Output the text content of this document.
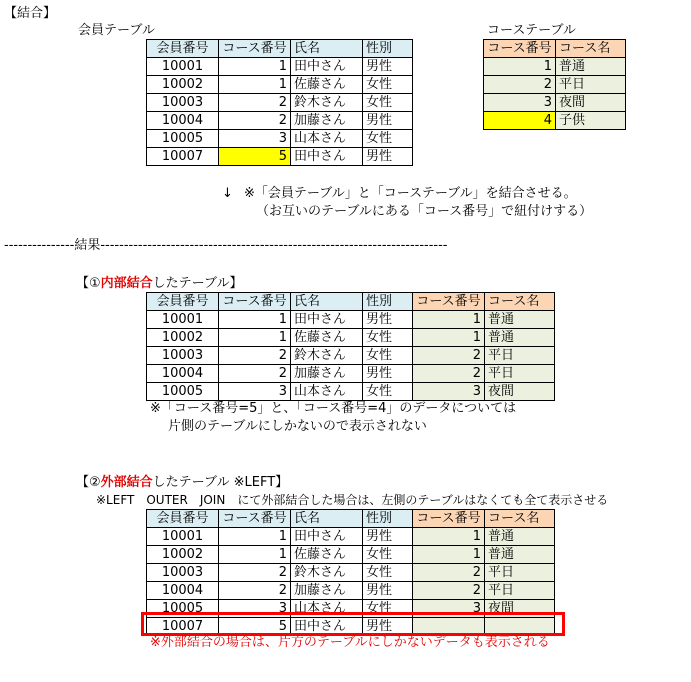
【結合】
会員テーブル	コーステーブル
会員番号	コース番号	氏名	性別
10001	1	田中さん	男性
10002	1	佐藤さん	女性
10003	2	鈴木さん	女性
10004	2	加藤さん	男性
10005	3	山本さん	女性
10007	5	田中さん	男性
コース番号	コース名
1	普通
2	平日
3	夜間
4	子供
↓ ※「会員テーブル」と「コーステーブル」を結合させる。
（お互いのテーブルにある「コース番号」で紐付けする）
---------------結果--------------------------------------------------------------------------
【①内部結合したテーブル】
会員番号	コース番号	氏名	性別	コース番号	コース名
10001	1	田中さん	男性	1	普通
10002	1	佐藤さん	女性	1	普通
10003	2	鈴木さん	女性	2	平日
10004	2	加藤さん	男性	2	平日
10005	3	山本さん	女性	3	夜間
※「コース番号=5」と、「コース番号=4」のデータについては
片側のテーブルにしかないので表示されない
【②外部結合したテーブル ※LEFT】
※LEFT　OUTER　JOIN　にて外部結合した場合は、左側のテーブルはなくても全て表示させる
会員番号	コース番号	氏名	性別	コース番号	コース名
10001	1	田中さん	男性	1	普通
10002	1	佐藤さん	女性	1	普通
10003	2	鈴木さん	女性	2	平日
10004	2	加藤さん	男性	2	平日
10005	3	山本さん	女性	3	夜間
10007	5	田中さん	男性		
※外部結合の場合は、片方のテーブルにしかないデータも表示される
